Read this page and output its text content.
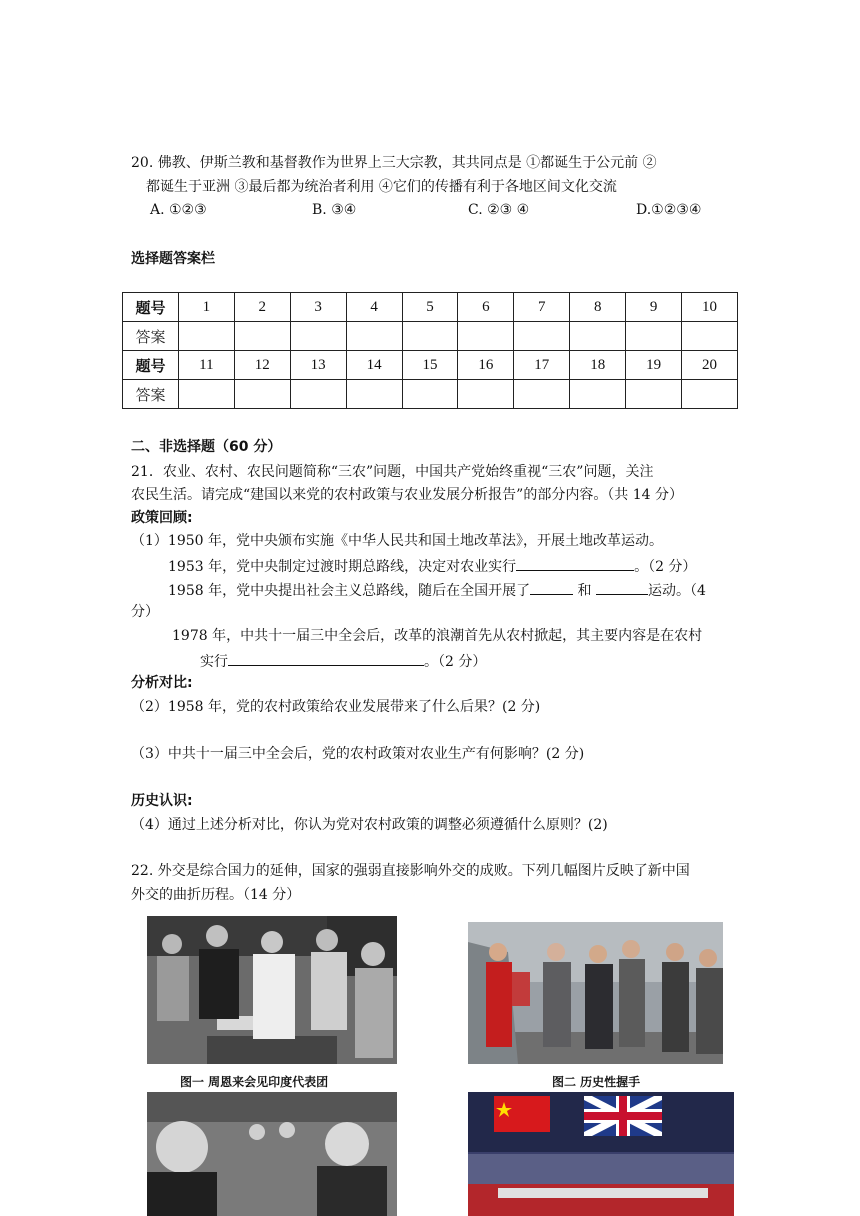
20. 佛教、伊斯兰教和基督教作为世界上三大宗教，其共同点是 ①都诞生于公元前 ②
都诞生于亚洲 ③最后都为统治者利用 ④它们的传播有利于各地区间文化交流
A. ①②③	B. ③④	C. ②③ ④	D.①②③④
选择题答案栏
题号	1	2	3	4	5	6	7	8	9	10
答案										
题号	11	12	13	14	15	16	17	18	19	20
答案										
二、非选择题（60 分）
21．农业、农村、农民问题简称“三农”问题，中国共产党始终重视“三农”问题，关注
农民生活。请完成“建国以来党的农村政策与农业发展分析报告”的部分内容。（共 14 分）
政策回顾:
（1）1950 年，党中央颁布实施《中华人民共和国土地改革法》，开展土地改革运动。
1953 年，党中央制定过渡时期总路线，决定对农业实行	。（2 分）
1958 年，党中央提出社会主义总路线，随后在全国开展了	和	运动。（4
分）
1978 年，中共十一届三中全会后，改革的浪潮首先从农村掀起，其主要内容是在农村
实行	。（2 分）
分析对比:
（2）1958 年，党的农村政策给农业发展带来了什么后果？(2 分)
（3）中共十一届三中全会后，党的农村政策对农业生产有何影响？(2 分)
历史认识:
（4）通过上述分析对比，你认为党对农村政策的调整必须遵循什么原则？(2)
22. 外交是综合国力的延伸，国家的强弱直接影响外交的成败。下列几幅图片反映了新中国
外交的曲折历程。（14 分）
图一 周恩来会见印度代表团	图二 历史性握手
